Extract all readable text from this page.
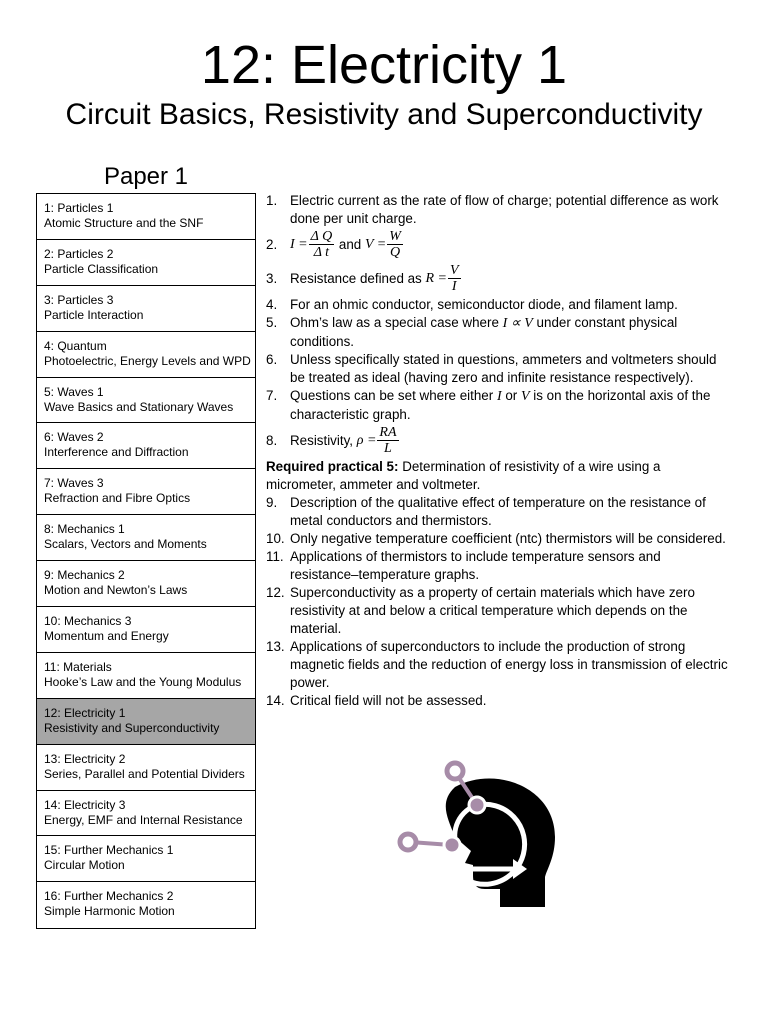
12: Electricity 1
Circuit Basics, Resistivity and Superconductivity
Paper 1
1: Particles 1
Atomic Structure and the SNF
2: Particles 2
Particle Classification
3: Particles 3
Particle Interaction
4: Quantum
Photoelectric, Energy Levels and WPD
5: Waves 1
Wave Basics and Stationary Waves
6: Waves 2
Interference and Diffraction
7: Waves 3
Refraction and Fibre Optics
8: Mechanics 1
Scalars, Vectors and Moments
9: Mechanics 2
Motion and Newton’s Laws
10: Mechanics 3
Momentum and Energy
11: Materials
Hooke’s Law and the Young Modulus
12: Electricity 1
Resistivity and Superconductivity
13: Electricity 2
Series, Parallel and Potential Dividers
14: Electricity 3
Energy, EMF and Internal Resistance
15: Further Mechanics 1
Circular Motion
16: Further Mechanics 2
Simple Harmonic Motion
1. Electric current as the rate of flow of charge; potential difference as work done per unit charge.
2. $I = \frac{\text{Δ Q}}{\text{Δ t}}$ and $V = \frac{W}{Q}$
3. Resistance defined as $R = \frac{V}{I}$
4. For an ohmic conductor, semiconductor diode, and filament lamp.
5. Ohm’s law as a special case where I ∝ V under constant physical conditions.
6. Unless specifically stated in questions, ammeters and voltmeters should be treated as ideal (having zero and infinite resistance respectively).
7. Questions can be set where either I or V is on the horizontal axis of the characteristic graph.
8. Resistivity, $\rho = \frac{RA}{L}$
Required practical 5: Determination of resistivity of a wire using a micrometer, ammeter and voltmeter.
9. Description of the qualitative effect of temperature on the resistance of metal conductors and thermistors.
10. Only negative temperature coefficient (ntc) thermistors will be considered.
11. Applications of thermistors to include temperature sensors and resistance–temperature graphs.
12. Superconductivity as a property of certain materials which have zero resistivity at and below a critical temperature which depends on the material.
13. Applications of superconductors to include the production of strong magnetic fields and the reduction of energy loss in transmission of electric power.
14. Critical field will not be assessed.
